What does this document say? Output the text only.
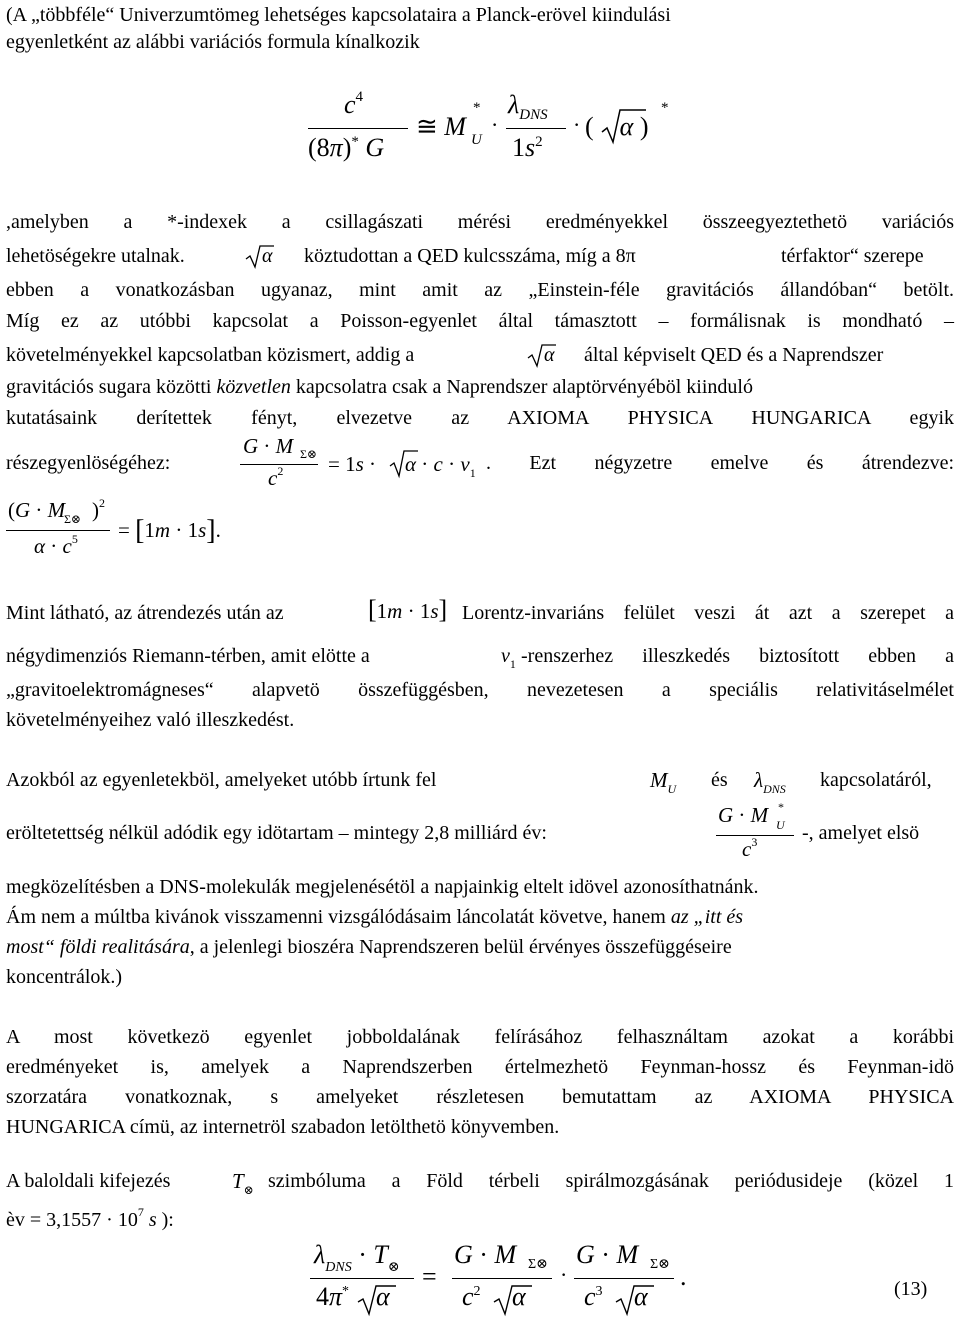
(A „többféle“ Univerzumtömeg lehetséges kapcsolataira a Planck-erövel kiindulási
egyenletként az alábbi variációs formula kínalkozik
$c^4$
(8π)* G
≅ M
*
U
·
$\lambda_{DNS}$
$1s^2$
· (    α )
*
,amelyben a *-indexek a csillagászati mérési eredményekkel összeegyeztethetö variációs
lehetöségekre utalnak.	α köztudottan a QED kulcsszáma, míg a 8π	térfaktor“ szerepe
ebben a vonatkozásban ugyanaz, mint amit az „Einstein-féle gravitációs állandóban“ betölt.
Míg ez az utóbbi kapcsolat a Poisson-egyenlet által támasztott – formálisnak is mondható –
követelményekkel kapcsolatban közismert, addig a	α által képviselt QED és a Naprendszer
gravitációs sugara közötti közvetlen kapcsolatra csak a Naprendszer alaptörvényéböl kiinduló
kutatásaink derítettek fényt, elvezetve az AXIOMA PHYSICA HUNGARICA egyik
részegyenlöségéhez:
G · M Σ⊗
$c^2 = 1s \cdot \alpha \cdot c \cdot v_1$ . Ezt négyzetre emelve és átrendezve:
(G · M
Σ⊗ )$^2$
$\alpha \cdot c^5 = [1m \cdot 1s]$.
Mint látható, az átrendezés után az	[1m · 1s] Lorentz-invariáns felület veszi át azt a szerepet a
négydimenziós Riemann-térben, amit elötte a	$v_1$ -renszerhez illeszkedés biztosított ebben a
„gravitoelektromágneses“ alapvetö összefüggésben, nevezetesen a speciális relativitáselmélet
követelményeihez való illeszkedést.
Azokból az egyenletekböl, amelyeket utóbb írtunk fel	$M_U$ és $\lambda_{DNS}$ kapcsolatáról,
eröltetettség nélkül adódik egy idötartam – mintegy 2,8 milliárd év:
G · M *
U
$c^3$ -, amelyet elsö
megközelítésben a DNS-molekulák megjelenésétöl a napjainkig eltelt idövel azonosíthatnánk.
Ám nem a múltba kivánok visszamenni vizsgálódásaim láncolatát követve, hanem az „itt és
most“ földi realitására, a jelenlegi bioszéra Naprendszeren belül érvényes összefüggéseire
koncentrálok.)
A most következö egyenlet jobboldalának felírásához felhasználtam azokat a korábbi
eredményeket is, amelyek a Naprendszerben értelmezhetö Feynman-hossz és Feynman-idö
szorzatára vonatkoznak, s amelyeket részletesen bemutattam az AXIOMA PHYSICA
HUNGARICA címü, az internetröl szabadon letölthetö könyvemben.
A baloldali kifejezés	$T_\otimes$ szimbóluma a Föld térbeli spirálmozgásának periódusideje (közel 1
èv = $3,1557 \cdot 10^7$ s ):
$\lambda_{DNS} \cdot T_\otimes$
4π* α
=
G · M Σ⊗
$c^2$ α
·
G · M Σ⊗
$c^3$ α
.	(13)
